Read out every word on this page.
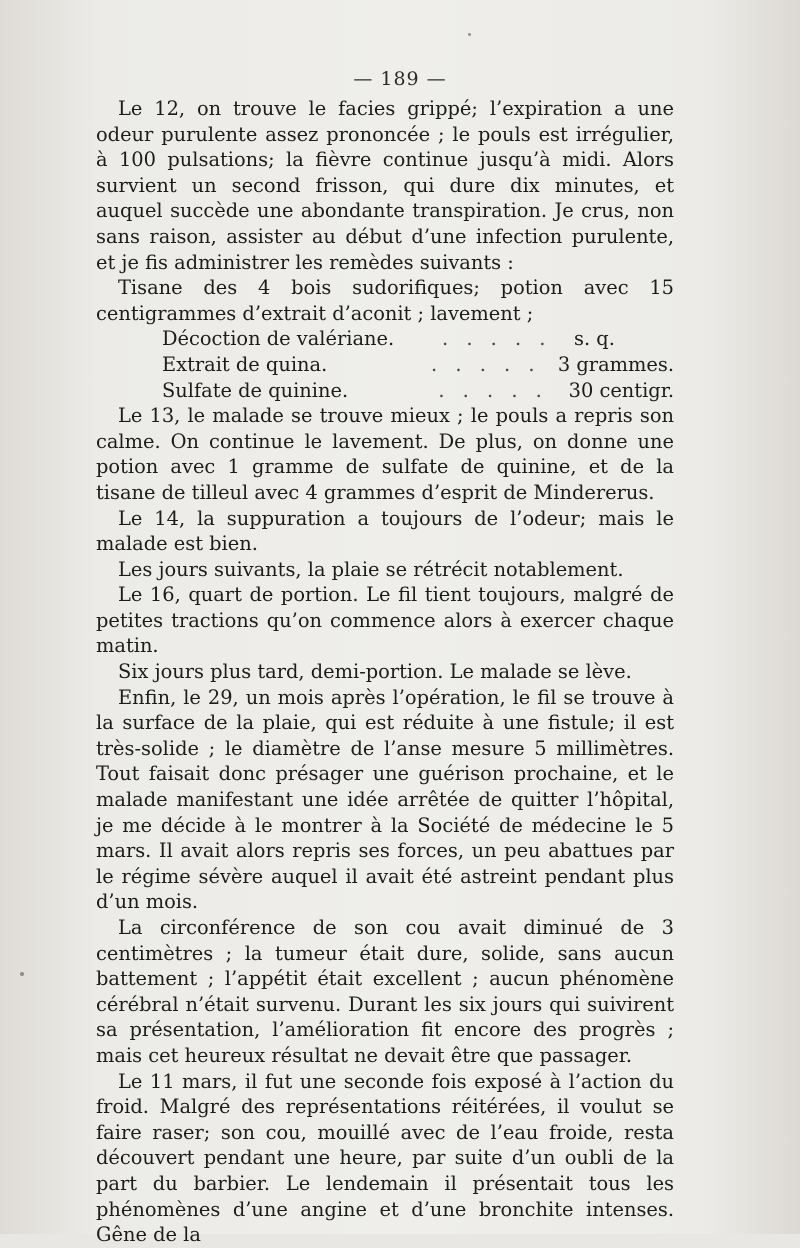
— 189 —

Le 12, on trouve le facies grippé; l’expiration a une odeur purulente assez prononcée ; le pouls est irrégulier, à 100 pulsations; la fièvre continue jusqu’à midi. Alors survient un second frisson, qui dure dix minutes, et auquel succède une abondante transpiration. Je crus, non sans raison, assister au début d’une infection purulente, et je fis administrer les remèdes suivants :

Tisane des 4 bois sudorifiques; potion avec 15 centigrammes d’extrait d’aconit ; lavement ;

Décoction de valériane.	. . . . .	s. q.
Extrait de quina.	. . . . . 3 grammes.
Sulfate de quinine.	. . . . .	30 centigr.

Le 13, le malade se trouve mieux ; le pouls a repris son calme. On continue le lavement. De plus, on donne une potion avec 1 gramme de sulfate de quinine, et de la tisane de tilleul avec 4 grammes d’esprit de Mindererus.

Le 14, la suppuration a toujours de l’odeur; mais le malade est bien.

Les jours suivants, la plaie se rétrécit notablement.

Le 16, quart de portion. Le fil tient toujours, malgré de petites tractions qu’on commence alors à exercer chaque matin.

Six jours plus tard, demi-portion. Le malade se lève.

Enfin, le 29, un mois après l’opération, le fil se trouve à la surface de la plaie, qui est réduite à une fistule; il est très-solide ; le diamètre de l’anse mesure 5 millimètres. Tout faisait donc présager une guérison prochaine, et le malade manifestant une idée arrêtée de quitter l’hôpital, je me décide à le montrer à la Société de médecine le 5 mars. Il avait alors repris ses forces, un peu abattues par le régime sévère auquel il avait été astreint pendant plus d’un mois.

La circonférence de son cou avait diminué de 3 centimètres ; la tumeur était dure, solide, sans aucun battement ; l’appétit était excellent ; aucun phénomène cérébral n’était survenu. Durant les six jours qui suivirent sa présentation, l’amélioration fit encore des progrès ; mais cet heureux résultat ne devait être que passager.

Le 11 mars, il fut une seconde fois exposé à l’action du froid. Malgré des représentations réitérées, il voulut se faire raser; son cou, mouillé avec de l’eau froide, resta découvert pendant une heure, par suite d’un oubli de la part du barbier. Le lendemain il présentait tous les phénomènes d’une angine et d’une bronchite intenses. Gêne de la
